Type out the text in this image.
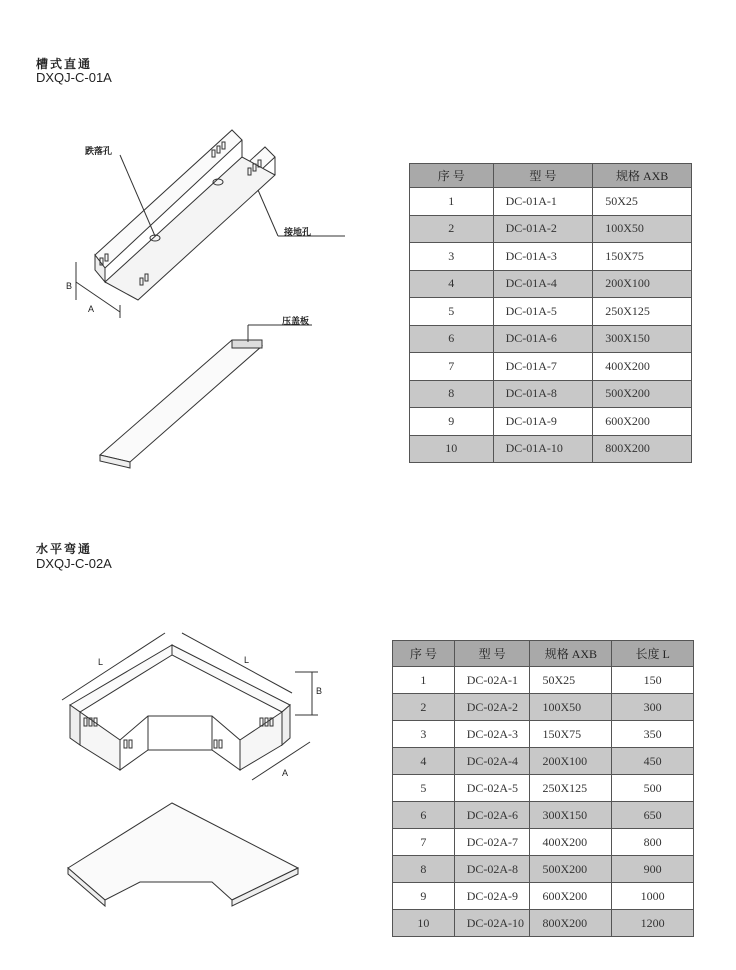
槽式直通
DXQJ-C-01A
跌落孔
接地孔
压盖板
B
A
序 号	型 号	规格 AXB
1	DC-01A-1	50X25
2	DC-01A-2	100X50
3	DC-01A-3	150X75
4	DC-01A-4	200X100
5	DC-01A-5	250X125
6	DC-01A-6	300X150
7	DC-01A-7	400X200
8	DC-01A-8	500X200
9	DC-01A-9	600X200
10	DC-01A-10	800X200
水平弯通
DXQJ-C-02A
L	L
B
A
序 号	型 号	规格 AXB	长度 L
1	DC-02A-1	50X25	150
2	DC-02A-2	100X50	300
3	DC-02A-3	150X75	350
4	DC-02A-4	200X100	450
5	DC-02A-5	250X125	500
6	DC-02A-6	300X150	650
7	DC-02A-7	400X200	800
8	DC-02A-8	500X200	900
9	DC-02A-9	600X200	1000
10	DC-02A-10	800X200	1200
